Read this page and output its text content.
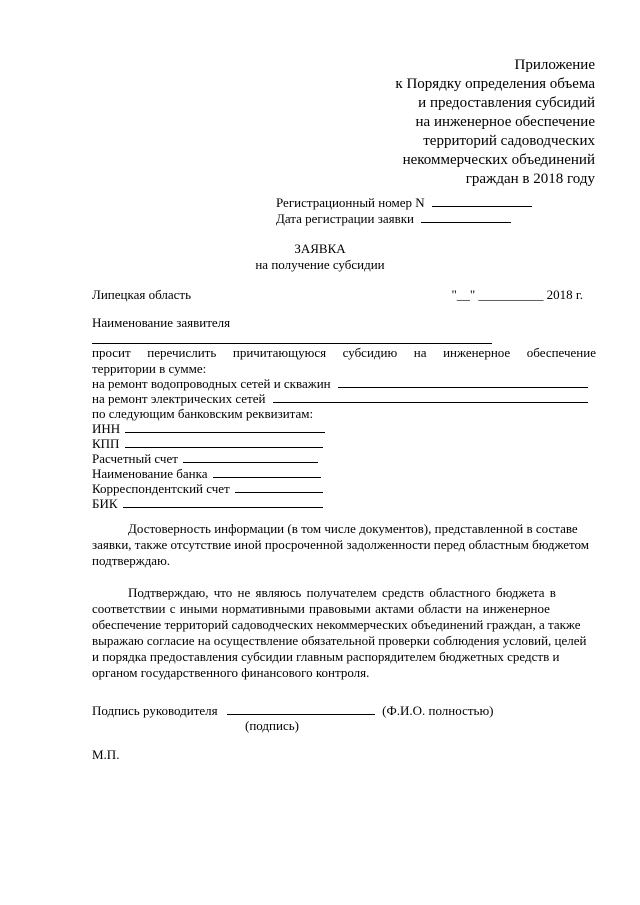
Приложение
к Порядку определения объема
и предоставления субсидий
на инженерное обеспечение
территорий садоводческих
некоммерческих объединений
граждан в 2018 году
Регистрационный номер N
Дата регистрации заявки
ЗАЯВКА
на получение субсидии
Липецкая область	"__" __________ 2018 г.
Наименование заявителя
просит перечислить причитающуюся субсидию на инженерное обеспечение
территории в сумме:
на ремонт водопроводных сетей и скважин
на ремонт электрических сетей
по следующим банковским реквизитам:
ИНН
КПП
Расчетный счет
Наименование банка
Корреспондентский счет
БИК
Достоверность информации (в том числе документов), представленной в составе
заявки, также отсутствие иной просроченной задолженности перед областным бюджетом
подтверждаю.
Подтверждаю, что не являюсь получателем средств областного бюджета в
соответствии с иными нормативными правовыми актами области на инженерное
обеспечение территорий садоводческих некоммерческих объединений граждан, а также
выражаю согласие на осуществление обязательной проверки соблюдения условий, целей
и порядка предоставления субсидии главным распорядителем бюджетных средств и
органом государственного финансового контроля.
Подпись руководителя	(Ф.И.О. полностью)
(подпись)
М.П.
